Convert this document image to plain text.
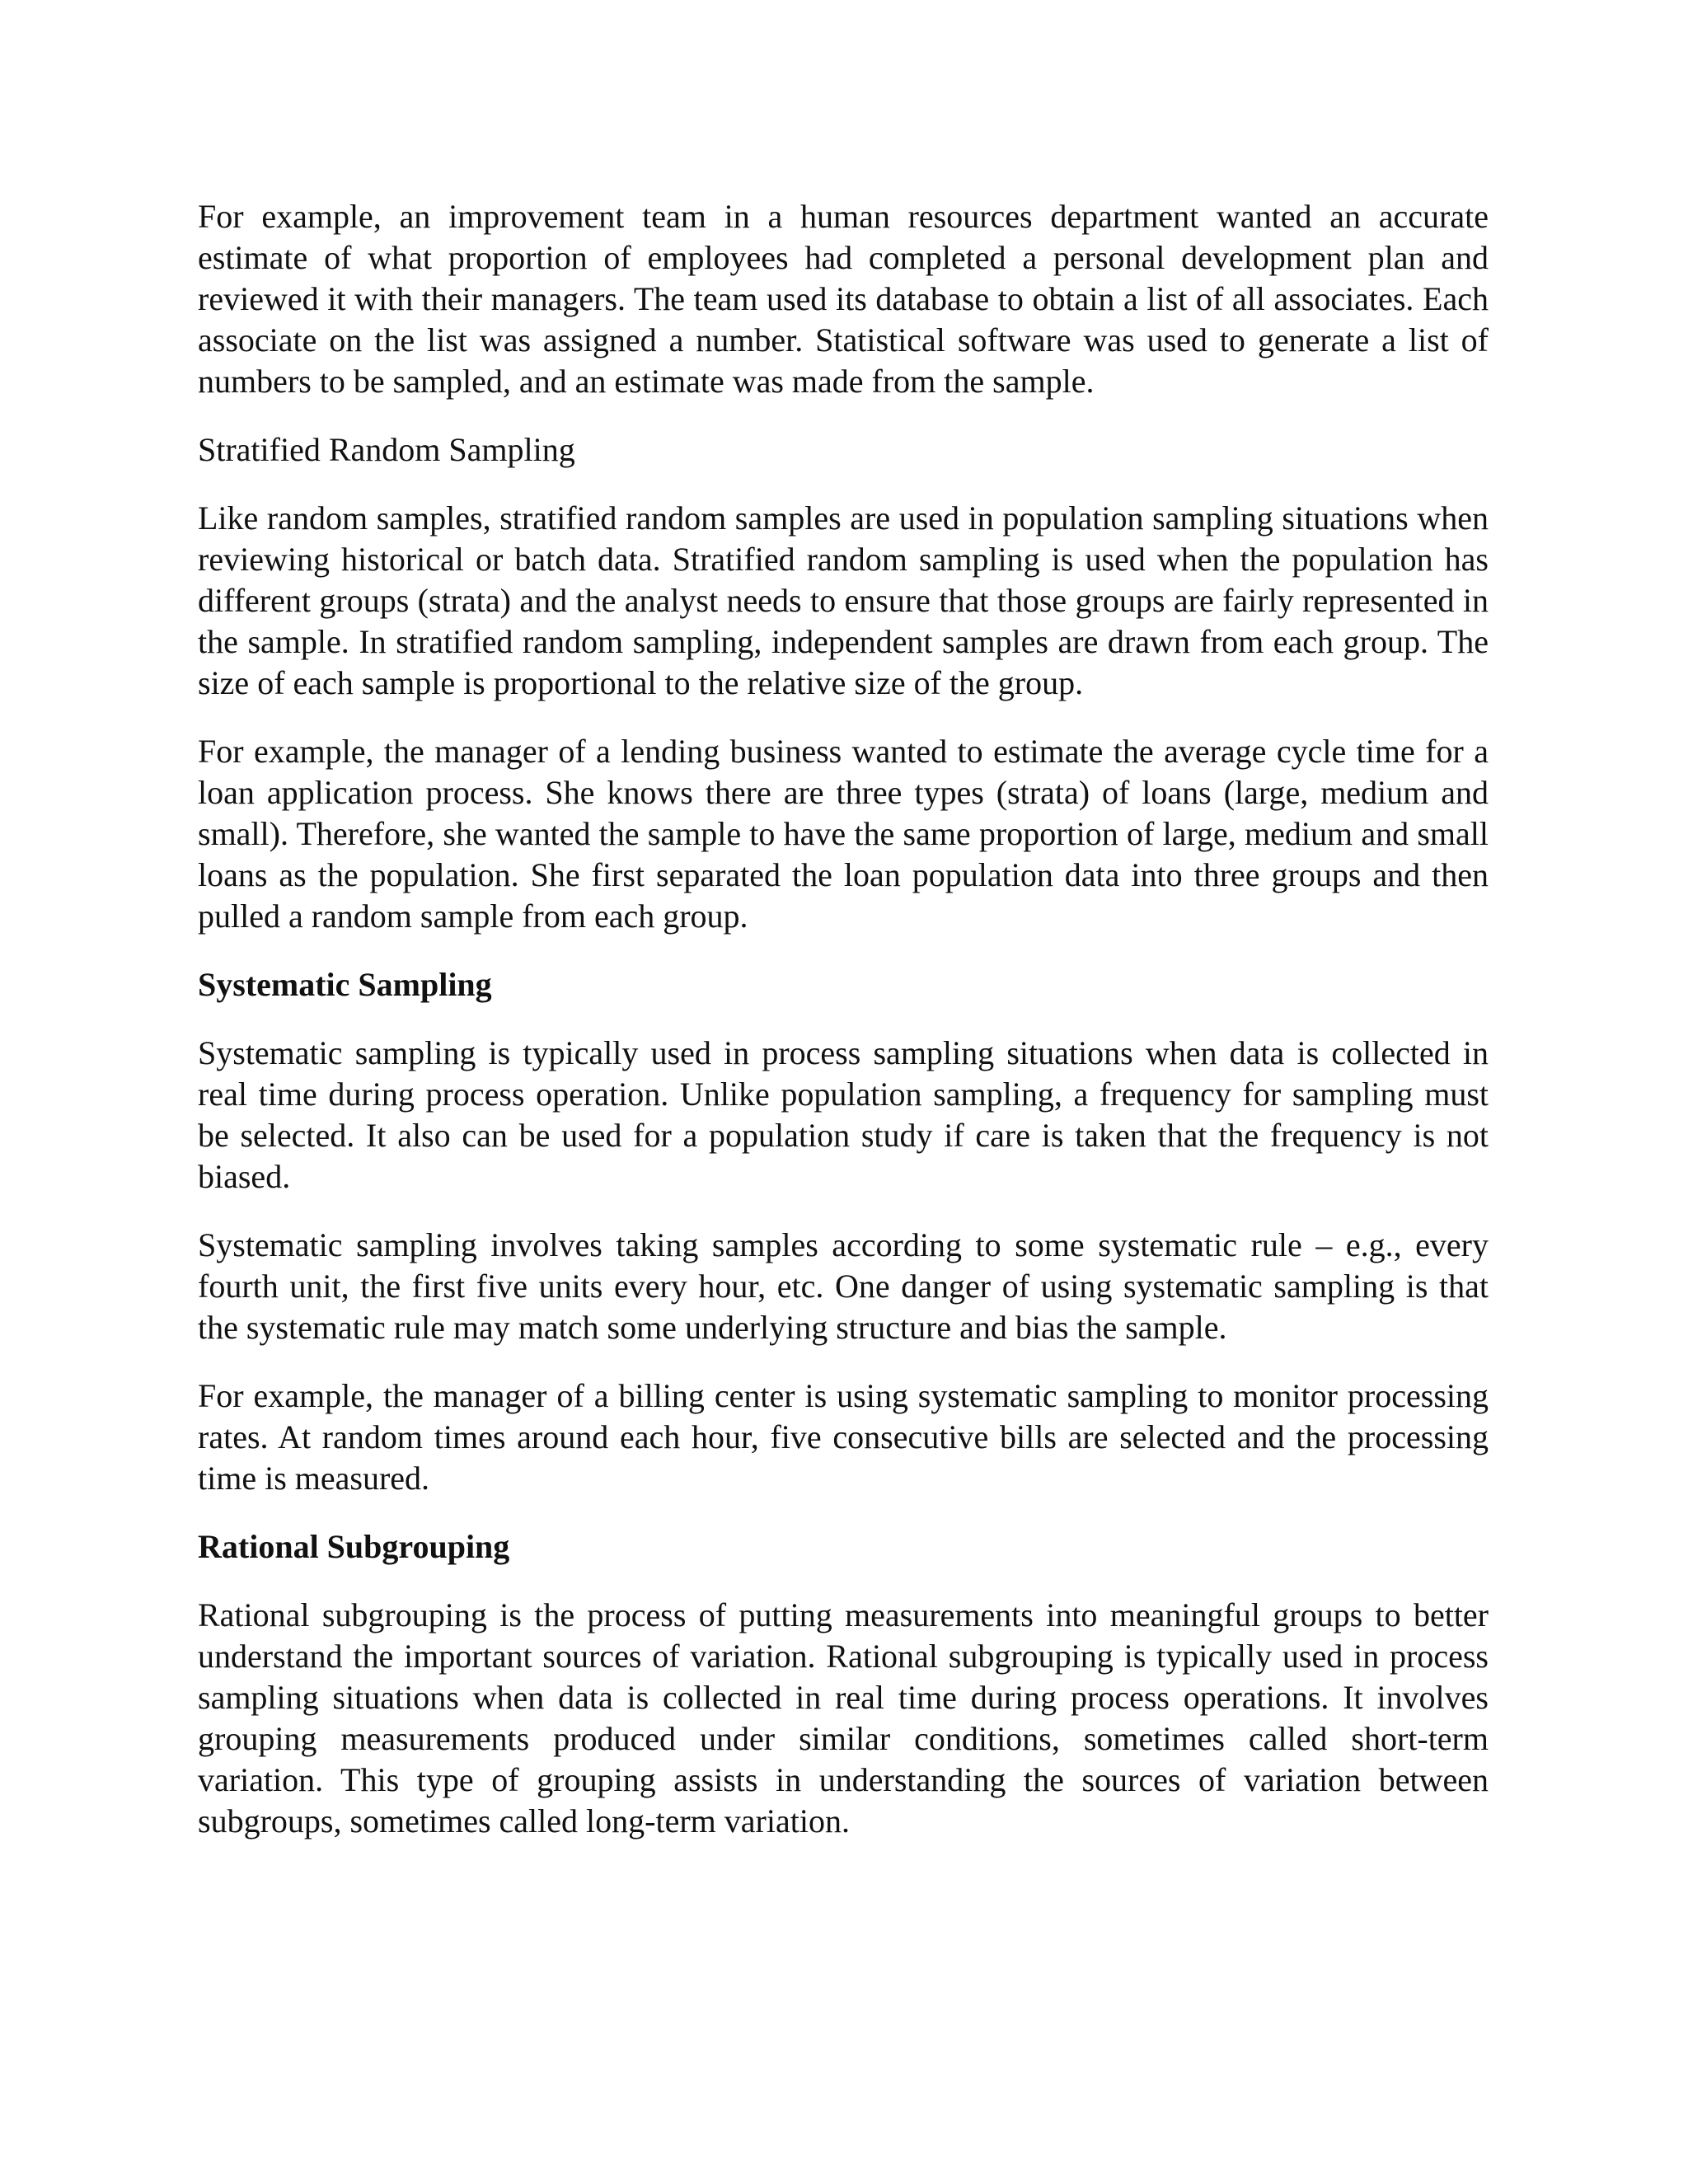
For example, an improvement team in a human resources department wanted an accurate estimate of what proportion of employees had completed a personal development plan and reviewed it with their managers. The team used its database to obtain a list of all associates. Each associate on the list was assigned a number. Statistical software was used to generate a list of numbers to be sampled, and an estimate was made from the sample.

Stratified Random Sampling

Like random samples, stratified random samples are used in population sampling situations when reviewing historical or batch data. Stratified random sampling is used when the population has different groups (strata) and the analyst needs to ensure that those groups are fairly represented in the sample. In stratified random sampling, independent samples are drawn from each group. The size of each sample is proportional to the relative size of the group.

For example, the manager of a lending business wanted to estimate the average cycle time for a loan application process. She knows there are three types (strata) of loans (large, medium and small). Therefore, she wanted the sample to have the same proportion of large, medium and small loans as the population. She first separated the loan population data into three groups and then pulled a random sample from each group.

Systematic Sampling

Systematic sampling is typically used in process sampling situations when data is collected in real time during process operation. Unlike population sampling, a frequency for sampling must be selected. It also can be used for a population study if care is taken that the frequency is not biased.

Systematic sampling involves taking samples according to some systematic rule – e.g., every fourth unit, the first five units every hour, etc. One danger of using systematic sampling is that the systematic rule may match some underlying structure and bias the sample.

For example, the manager of a billing center is using systematic sampling to monitor processing rates. At random times around each hour, five consecutive bills are selected and the processing time is measured.

Rational Subgrouping

Rational subgrouping is the process of putting measurements into meaningful groups to better understand the important sources of variation. Rational subgrouping is typically used in process sampling situations when data is collected in real time during process operations. It involves grouping measurements produced under similar conditions, sometimes called short-term variation. This type of grouping assists in understanding the sources of variation between subgroups, sometimes called long-term variation.
